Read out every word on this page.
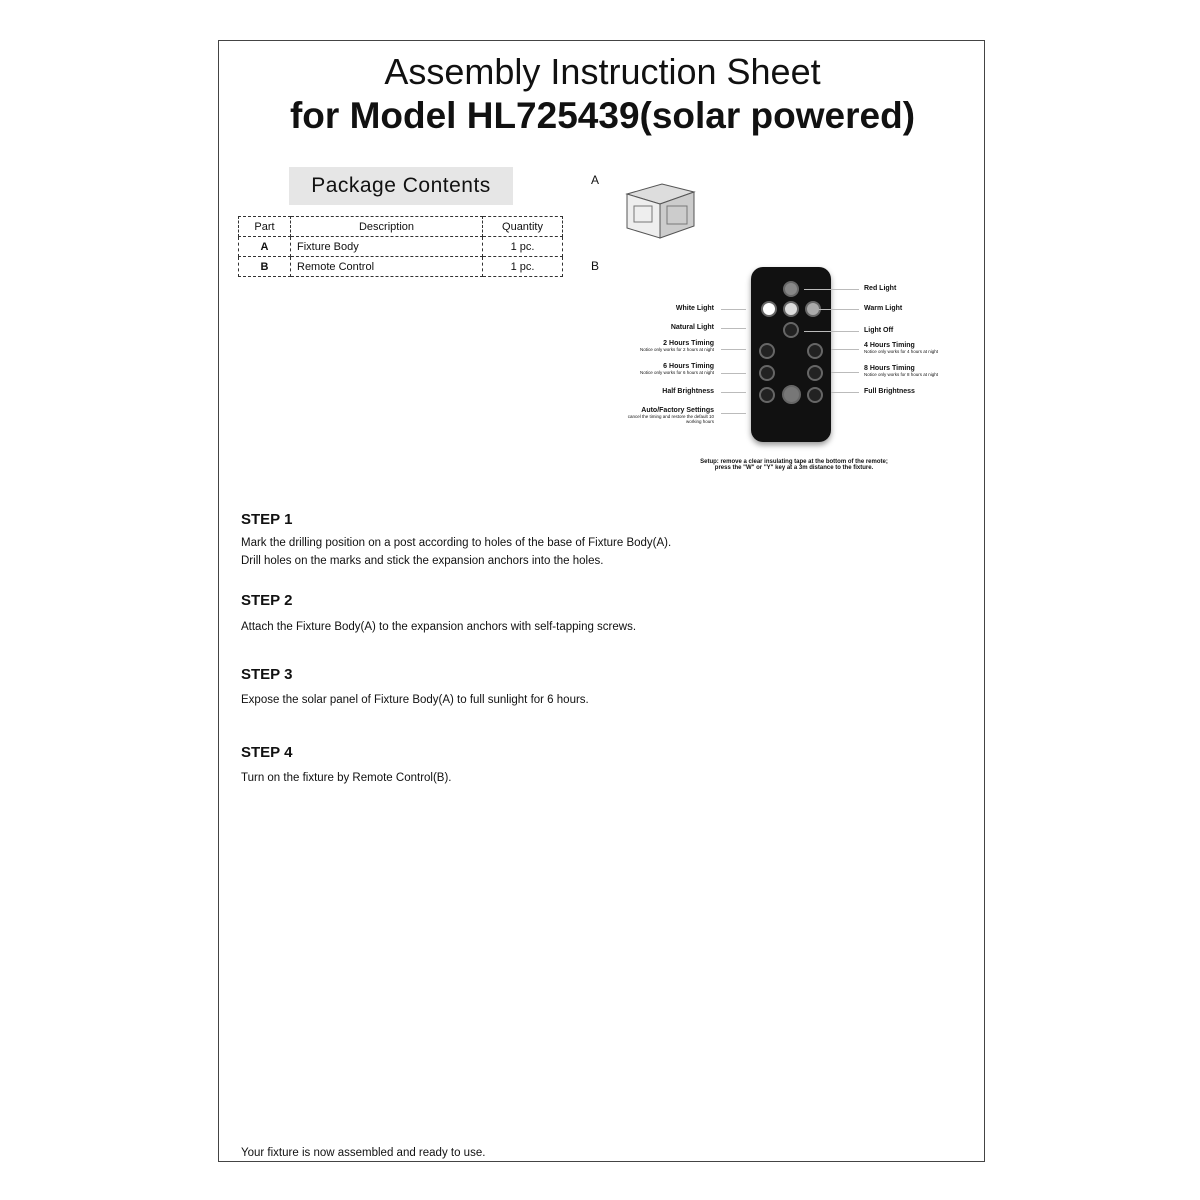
Assembly Instruction Sheet
for Model HL725439(solar powered)
Package Contents
Part	Description	Quantity
A	Fixture Body	1 pc.
B	Remote Control	1 pc.
A
B
White Light
Natural Light
2 Hours Timing
Notice only works for 2 hours at night
6 Hours Timing
Notice only works for 6 hours at night
Half Brightness
Auto/Factory Settings
cancel the timing and restore the default 10 working hours
Red Light
Warm Light
Light Off
4 Hours Timing
Notice only works for 4 hours at night
8 Hours Timing
Notice only works for 8 hours at night
Full Brightness
Setup: remove a clear insulating tape at the bottom of the remote;
press the "W" or "Y" key at a 3m distance to the fixture.
STEP 1
Mark the drilling position on a post according to holes of the base of Fixture Body(A).
Drill holes on the marks and stick the expansion anchors into the holes.
STEP 2
Attach the Fixture Body(A) to the expansion anchors with self-tapping screws.
STEP 3
Expose the solar panel of Fixture Body(A) to full sunlight for 6 hours.
STEP 4
Turn on the fixture by Remote Control(B).
Your fixture is now assembled and ready to use.
